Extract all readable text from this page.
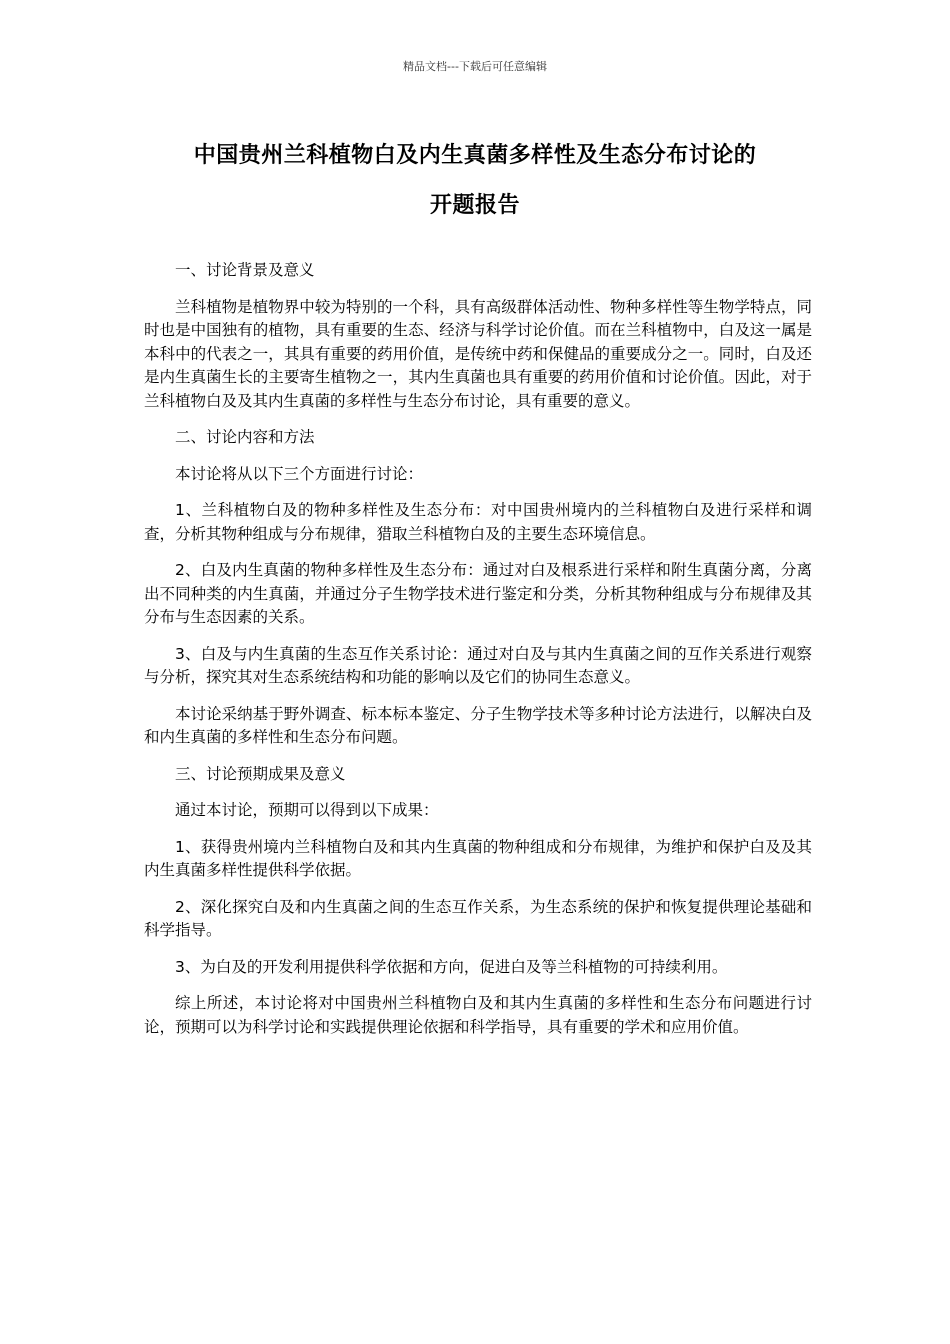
精品文档---下载后可任意编辑
中国贵州兰科植物白及内生真菌多样性及生态分布讨论的
开题报告

一、讨论背景及意义

兰科植物是植物界中较为特别的一个科，具有高级群体活动性、物种多样性等生物学特点，同时也是中国独有的植物，具有重要的生态、经济与科学讨论价值。而在兰科植物中，白及这一属是本科中的代表之一，其具有重要的药用价值，是传统中药和保健品的重要成分之一。同时，白及还是内生真菌生长的主要寄生植物之一，其内生真菌也具有重要的药用价值和讨论价值。因此，对于兰科植物白及及其内生真菌的多样性与生态分布讨论，具有重要的意义。

二、讨论内容和方法

本讨论将从以下三个方面进行讨论：

1、兰科植物白及的物种多样性及生态分布：对中国贵州境内的兰科植物白及进行采样和调查，分析其物种组成与分布规律，猎取兰科植物白及的主要生态环境信息。

2、白及内生真菌的物种多样性及生态分布：通过对白及根系进行采样和附生真菌分离，分离出不同种类的内生真菌，并通过分子生物学技术进行鉴定和分类，分析其物种组成与分布规律及其分布与生态因素的关系。

3、白及与内生真菌的生态互作关系讨论：通过对白及与其内生真菌之间的互作关系进行观察与分析，探究其对生态系统结构和功能的影响以及它们的协同生态意义。

本讨论采纳基于野外调查、标本标本鉴定、分子生物学技术等多种讨论方法进行，以解决白及和内生真菌的多样性和生态分布问题。

三、讨论预期成果及意义

通过本讨论，预期可以得到以下成果：

1、获得贵州境内兰科植物白及和其内生真菌的物种组成和分布规律，为维护和保护白及及其内生真菌多样性提供科学依据。

2、深化探究白及和内生真菌之间的生态互作关系，为生态系统的保护和恢复提供理论基础和科学指导。

3、为白及的开发利用提供科学依据和方向，促进白及等兰科植物的可持续利用。

综上所述，本讨论将对中国贵州兰科植物白及和其内生真菌的多样性和生态分布问题进行讨论，预期可以为科学讨论和实践提供理论依据和科学指导，具有重要的学术和应用价值。
